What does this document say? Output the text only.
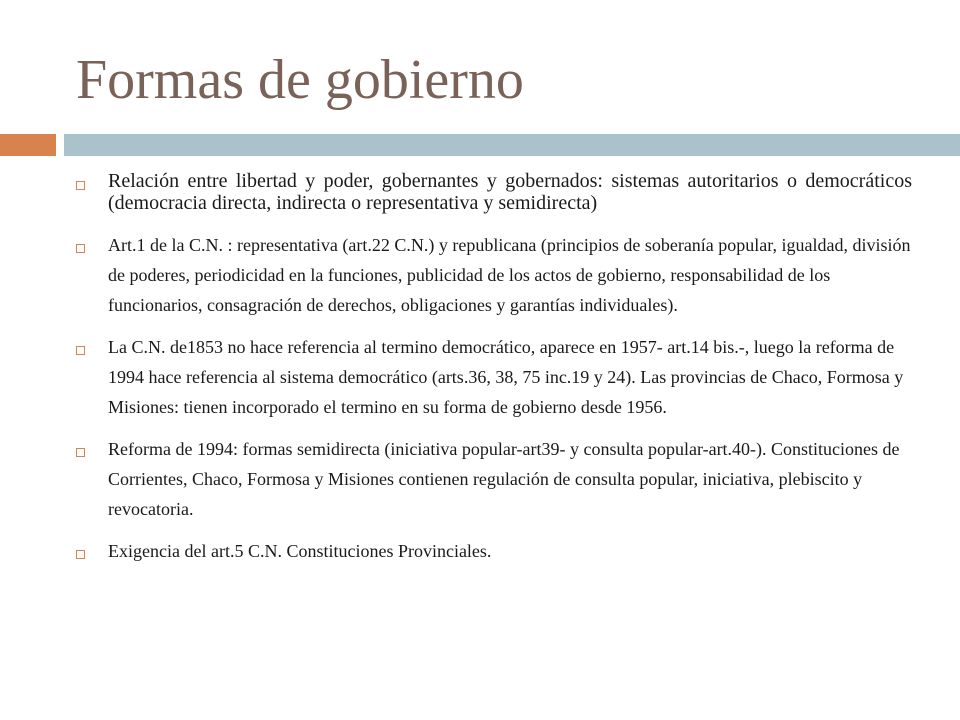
Formas de gobierno
Relación entre libertad y poder, gobernantes y gobernados: sistemas autoritarios o democráticos (democracia directa, indirecta o representativa y semidirecta)
Art.1 de la C.N. : representativa (art.22 C.N.) y republicana (principios de soberanía popular, igualdad, división de poderes, periodicidad en la funciones, publicidad de los actos de gobierno, responsabilidad de los funcionarios, consagración de derechos, obligaciones y garantías individuales).
La C.N. de1853 no hace referencia al termino democrático, aparece en 1957- art.14 bis.-, luego la reforma de 1994 hace referencia al sistema democrático (arts.36, 38, 75 inc.19 y 24). Las provincias de Chaco, Formosa y Misiones: tienen incorporado el termino en su forma de gobierno desde 1956.
Reforma de 1994: formas semidirecta (iniciativa popular-art39- y consulta popular-art.40-). Constituciones de Corrientes, Chaco, Formosa y Misiones contienen regulación de consulta popular, iniciativa, plebiscito y revocatoria.
Exigencia del art.5 C.N. Constituciones Provinciales.
